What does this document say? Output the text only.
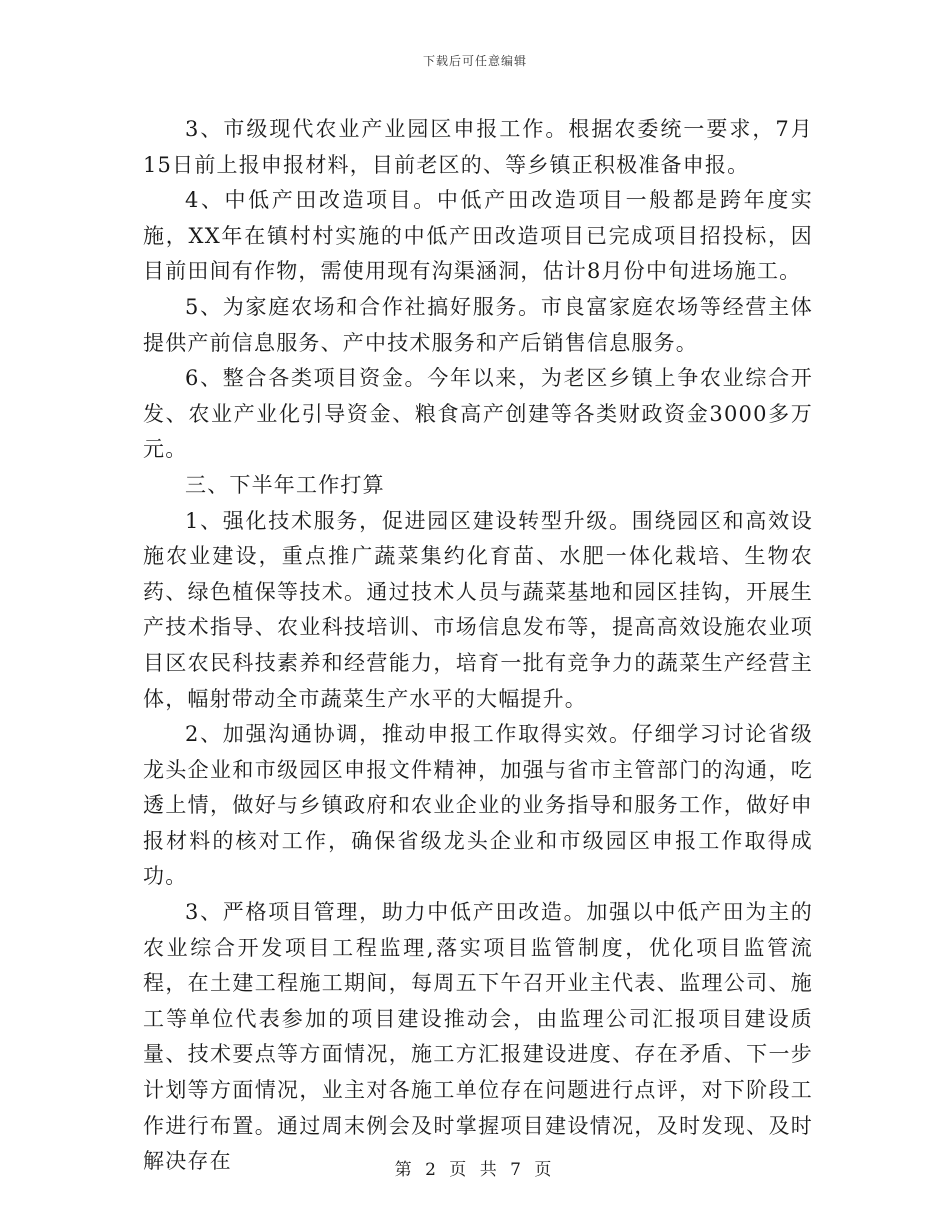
下载后可任意编辑

3、市级现代农业产业园区申报工作。根据农委统一要求，7月15日前上报申报材料，目前老区的、等乡镇正积极准备申报。

4、中低产田改造项目。中低产田改造项目一般都是跨年度实施，XX年在镇村村实施的中低产田改造项目已完成项目招投标，因目前田间有作物，需使用现有沟渠涵洞，估计8月份中旬进场施工。

5、为家庭农场和合作社搞好服务。市良富家庭农场等经营主体提供产前信息服务、产中技术服务和产后销售信息服务。

6、整合各类项目资金。今年以来，为老区乡镇上争农业综合开发、农业产业化引导资金、粮食高产创建等各类财政资金3000多万元。

三、下半年工作打算

1、强化技术服务，促进园区建设转型升级。围绕园区和高效设施农业建设，重点推广蔬菜集约化育苗、水肥一体化栽培、生物农药、绿色植保等技术。通过技术人员与蔬菜基地和园区挂钩，开展生产技术指导、农业科技培训、市场信息发布等，提高高效设施农业项目区农民科技素养和经营能力，培育一批有竞争力的蔬菜生产经营主体，幅射带动全市蔬菜生产水平的大幅提升。

2、加强沟通协调，推动申报工作取得实效。仔细学习讨论省级龙头企业和市级园区申报文件精神，加强与省市主管部门的沟通，吃透上情，做好与乡镇政府和农业企业的业务指导和服务工作，做好申报材料的核对工作，确保省级龙头企业和市级园区申报工作取得成功。

3、严格项目管理，助力中低产田改造。加强以中低产田为主的农业综合开发项目工程监理,落实项目监管制度，优化项目监管流程，在土建工程施工期间，每周五下午召开业主代表、监理公司、施工等单位代表参加的项目建设推动会，由监理公司汇报项目建设质量、技术要点等方面情况，施工方汇报建设进度、存在矛盾、下一步计划等方面情况，业主对各施工单位存在问题进行点评，对下阶段工作进行布置。通过周末例会及时掌握项目建设情况，及时发现、及时解决存在	第 2 页 共 7 页
